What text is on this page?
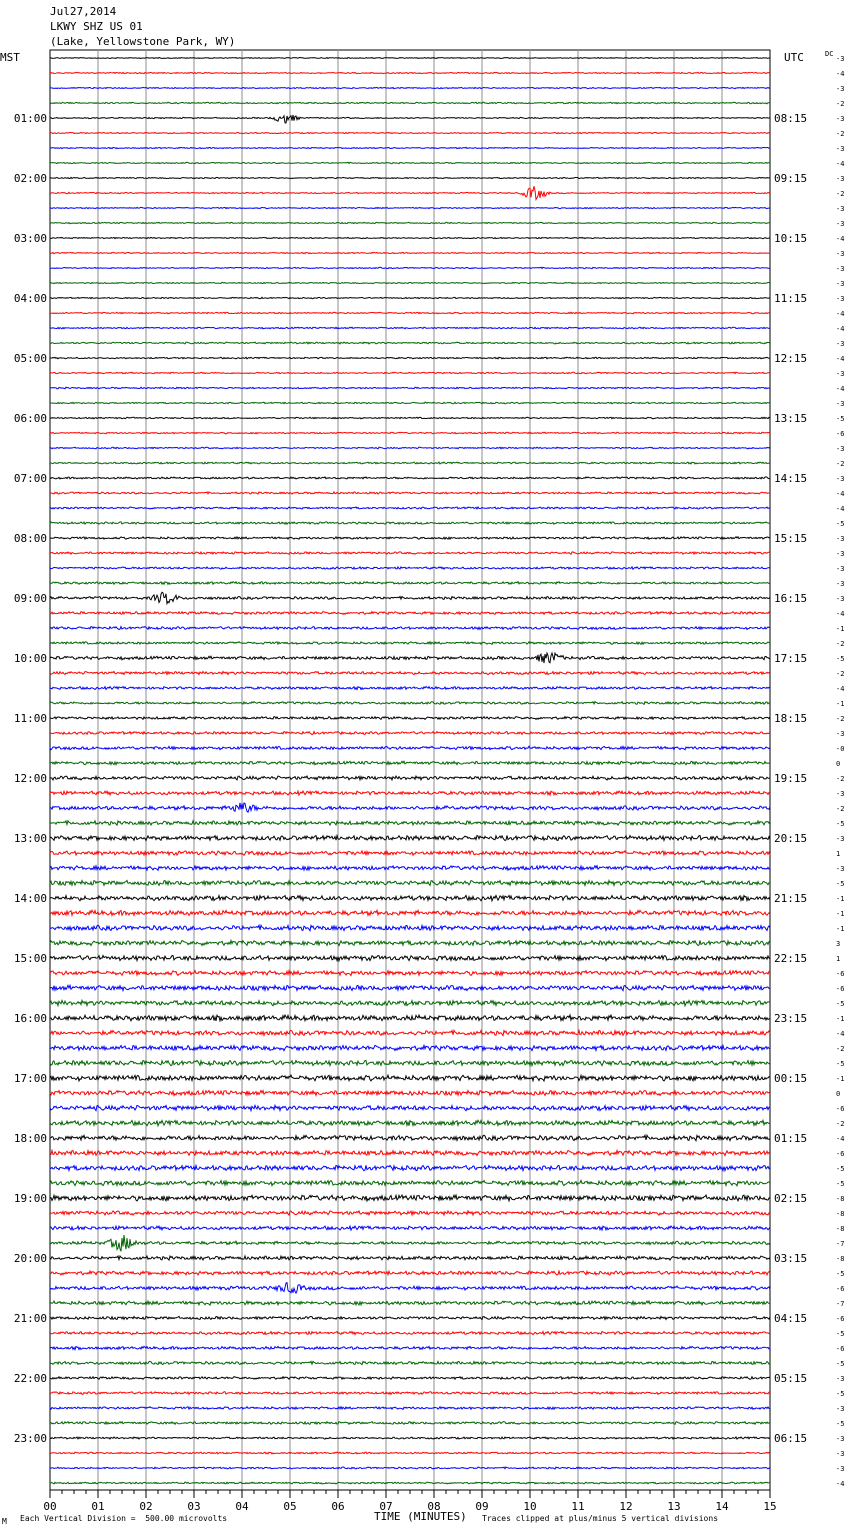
Jul27,2014
LKWY SHZ US 01
(Lake, Yellowstone Park, WY)
-3
-4
-3
-2
-3
-2
-3
-4
-3
-2
-3
-3
-4
-3
-3
-3
-3
-4
-4
-3
-4
-3
-4
-3
-5
-6
-3
-2
-3
-4
-4
-5
-3
-3
-3
-3
-3
-4
-1
-2
-5
-2
-4
-1
-2
-3
-0
0
-2
-3
-2
-5
-3
1
-3
-5
-1
-1
-1
3
1
-6
-6
-5
-1
-4
-2
-5
-1
0
-6
-2
-4
-6
-5
-5
-8
-8
-8
-7
-8
-5
-6
-7
-6
-5
-6
-5
-3
-5
-3
-5
-3
-3
-3
-4
MST	UTC	DC
01:00
02:00
03:00
04:00
05:00
06:00
07:00
08:00
09:00
10:00
11:00
12:00
13:00
14:00
15:00
16:00
17:00
18:00
19:00
20:00
21:00
22:00
23:00
08:15
09:15
10:15
11:15
12:15
13:15
14:15
15:15
16:15
17:15
18:15
19:15
20:15
21:15
22:15
23:15
00:15
01:15
02:15
03:15
04:15
05:15
06:15
00	01	02	03	04	05	06	07	08	09	10	11	12	13	14	15
M Each Vertical Division =  500.00 microvolts	TIME (MINUTES) Traces clipped at plus/minus 5 vertical divisions
